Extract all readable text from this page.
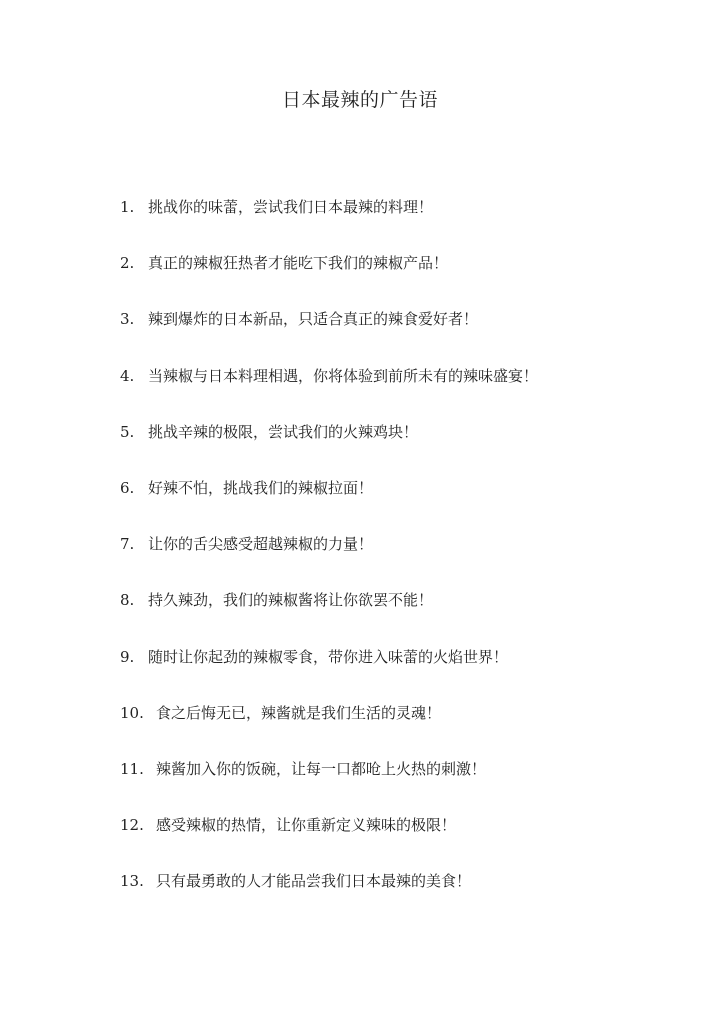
日本最辣的广告语
1. 挑战你的味蕾，尝试我们日本最辣的料理！
2. 真正的辣椒狂热者才能吃下我们的辣椒产品！
3. 辣到爆炸的日本新品，只适合真正的辣食爱好者！
4. 当辣椒与日本料理相遇，你将体验到前所未有的辣味盛宴！
5. 挑战辛辣的极限，尝试我们的火辣鸡块！
6. 好辣不怕，挑战我们的辣椒拉面！
7. 让你的舌尖感受超越辣椒的力量！
8. 持久辣劲，我们的辣椒酱将让你欲罢不能！
9. 随时让你起劲的辣椒零食，带你进入味蕾的火焰世界！
10. 食之后悔无已，辣酱就是我们生活的灵魂！
11. 辣酱加入你的饭碗，让每一口都呛上火热的刺激！
12. 感受辣椒的热情，让你重新定义辣味的极限！
13. 只有最勇敢的人才能品尝我们日本最辣的美食！
